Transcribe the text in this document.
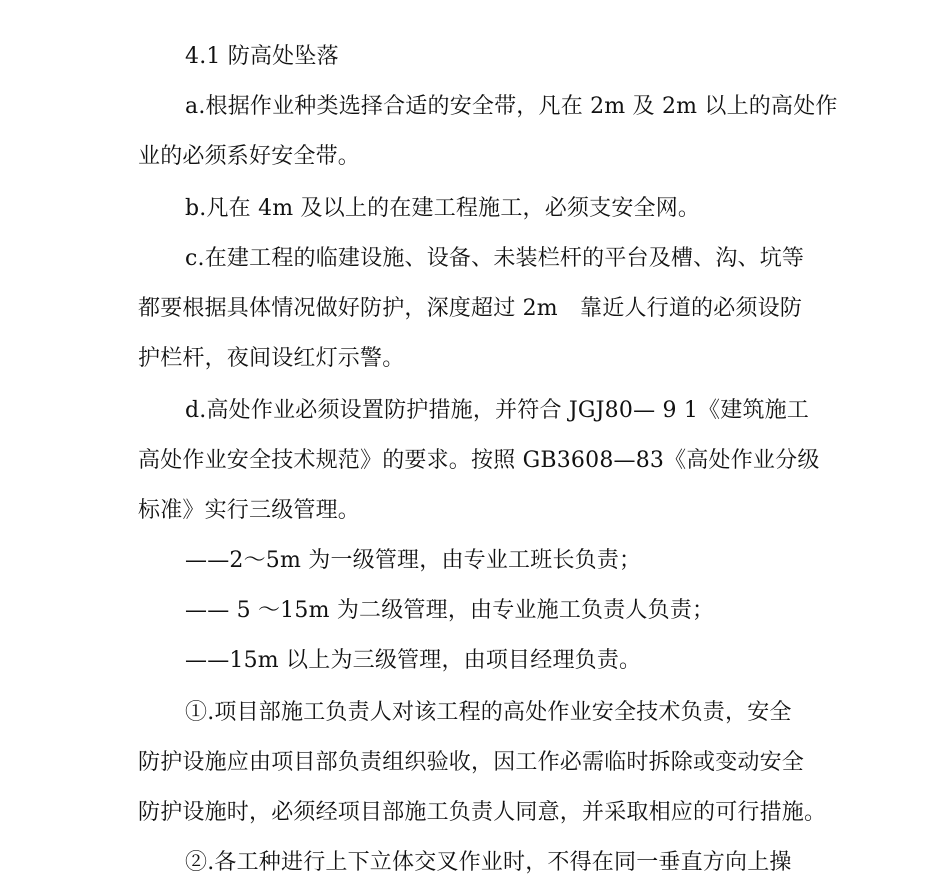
4.1 防高处坠落
a.根据作业种类选择合适的安全带，凡在 2m 及 2m 以上的高处作
业的必须系好安全带。
b.凡在 4m 及以上的在建工程施工，必须支安全网。
c.在建工程的临建设施、设备、未装栏杆的平台及槽、沟、坑等
都要根据具体情况做好防护，深度超过 2m　靠近人行道的必须设防
护栏杆，夜间设红灯示警。
d.高处作业必须设置防护措施，并符合 JGJ80— 9 1《建筑施工
高处作业安全技术规范》的要求。按照 GB3608—83《高处作业分级
标准》实行三级管理。
——2～5m 为一级管理，由专业工班长负责；
—— 5 ～15m 为二级管理，由专业施工负责人负责；
——15m 以上为三级管理，由项目经理负责。
①.项目部施工负责人对该工程的高处作业安全技术负责，安全
防护设施应由项目部负责组织验收，因工作必需临时拆除或变动安全
防护设施时，必须经项目部施工负责人同意，并采取相应的可行措施。
②.各工种进行上下立体交叉作业时，不得在同一垂直方向上操
